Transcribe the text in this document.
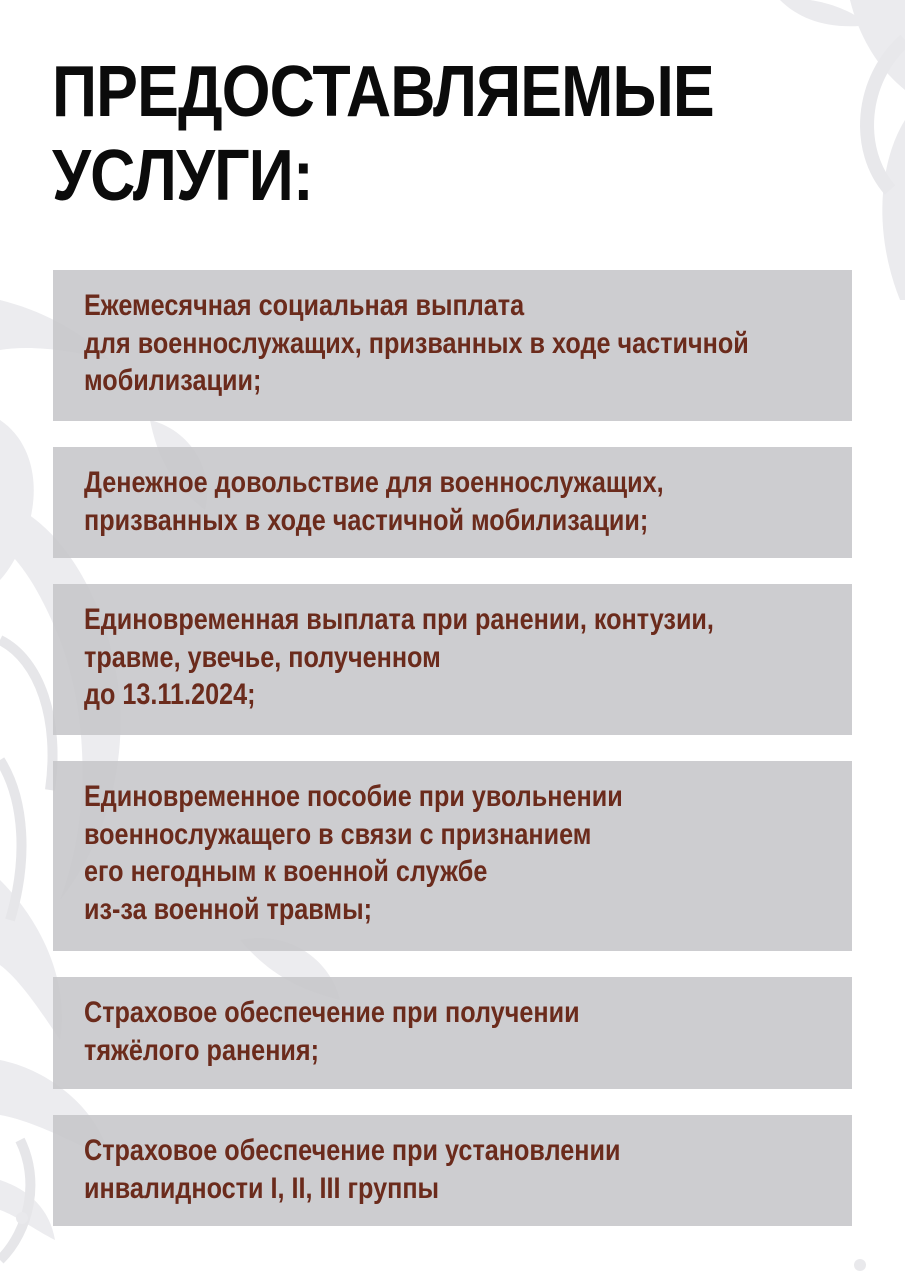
ПРЕДОСТАВЛЯЕМЫЕ
УСЛУГИ:
Ежемесячная социальная выплата
для военнослужащих, призванных в ходе частичной
мобилизации;
Денежное довольствие для военнослужащих,
призванных в ходе частичной мобилизации;
Единовременная выплата при ранении, контузии,
травме, увечье, полученном
до 13.11.2024;
Единовременное пособие при увольнении
военнослужащего в связи с признанием
его негодным к военной службе
из-за военной травмы;
Страховое обеспечение при получении
тяжёлого ранения;
Страховое обеспечение при установлении
инвалидности I, II, III группы
